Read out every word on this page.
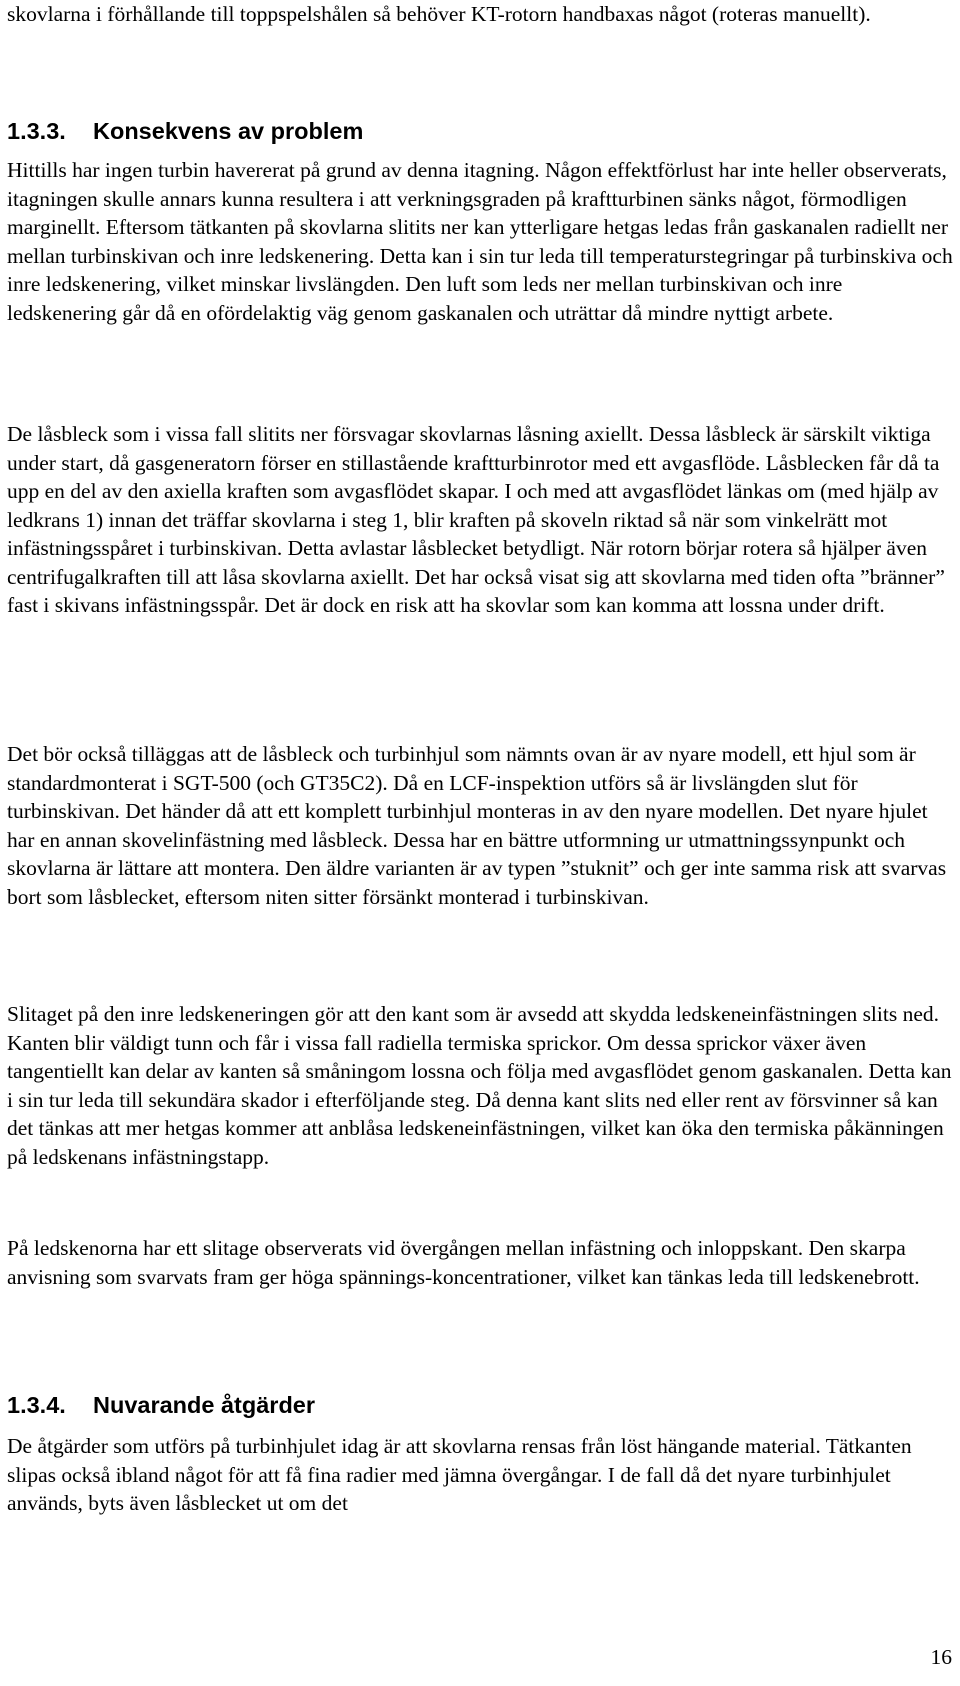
skovlarna i förhållande till toppspelshålen så behöver KT-rotorn handbaxas något (roteras manuellt).

1.3.3. Konsekvens av problem

Hittills har ingen turbin havererat på grund av denna itagning. Någon effektförlust har inte heller observerats, itagningen skulle annars kunna resultera i att verkningsgraden på kraftturbinen sänks något, förmodligen marginellt. Eftersom tätkanten på skovlarna slitits ner kan ytterligare hetgas ledas från gaskanalen radiellt ner mellan turbinskivan och inre ledskenering. Detta kan i sin tur leda till temperaturstegringar på turbinskiva och inre ledskenering, vilket minskar livslängden. Den luft som leds ner mellan turbinskivan och inre ledskenering går då en ofördelaktig väg genom gaskanalen och uträttar då mindre nyttigt arbete.

De låsbleck som i vissa fall slitits ner försvagar skovlarnas låsning axiellt. Dessa låsbleck är särskilt viktiga under start, då gasgeneratorn förser en stillastående kraftturbinrotor med ett avgasflöde. Låsblecken får då ta upp en del av den axiella kraften som avgasflödet skapar. I och med att avgasflödet länkas om (med hjälp av ledkrans 1) innan det träffar skovlarna i steg 1, blir kraften på skoveln riktad så när som vinkelrätt mot infästningsspåret i turbinskivan. Detta avlastar låsblecket betydligt. När rotorn börjar rotera så hjälper även centrifugalkraften till att låsa skovlarna axiellt. Det har också visat sig att skovlarna med tiden ofta ”bränner” fast i skivans infästningsspår. Det är dock en risk att ha skovlar som kan komma att lossna under drift.

Det bör också tilläggas att de låsbleck och turbinhjul som nämnts ovan är av nyare modell, ett hjul som är standardmonterat i SGT-500 (och GT35C2). Då en LCF-inspektion utförs så är livslängden slut för turbinskivan. Det händer då att ett komplett turbinhjul monteras in av den nyare modellen. Det nyare hjulet har en annan skovelinfästning med låsbleck. Dessa har en bättre utformning ur utmattningssynpunkt och skovlarna är lättare att montera. Den äldre varianten är av typen ”stuknit” och ger inte samma risk att svarvas bort som låsblecket, eftersom niten sitter försänkt monterad i turbinskivan.

Slitaget på den inre ledskeneringen gör att den kant som är avsedd att skydda ledskeneinfästningen slits ned. Kanten blir väldigt tunn och får i vissa fall radiella termiska sprickor. Om dessa sprickor växer även tangentiellt kan delar av kanten så småningom lossna och följa med avgasflödet genom gaskanalen. Detta kan i sin tur leda till sekundära skador i efterföljande steg. Då denna kant slits ned eller rent av försvinner så kan det tänkas att mer hetgas kommer att anblåsa ledskeneinfästningen, vilket kan öka den termiska påkänningen på ledskenans infästningstapp.

På ledskenorna har ett slitage observerats vid övergången mellan infästning och inloppskant. Den skarpa anvisning som svarvats fram ger höga spännings-koncentrationer, vilket kan tänkas leda till ledskenebrott.

1.3.4. Nuvarande åtgärder

De åtgärder som utförs på turbinhjulet idag är att skovlarna rensas från löst hängande material. Tätkanten slipas också ibland något för att få fina radier med jämna övergångar. I de fall då det nyare turbinhjulet används, byts även låsblecket ut om det

16
